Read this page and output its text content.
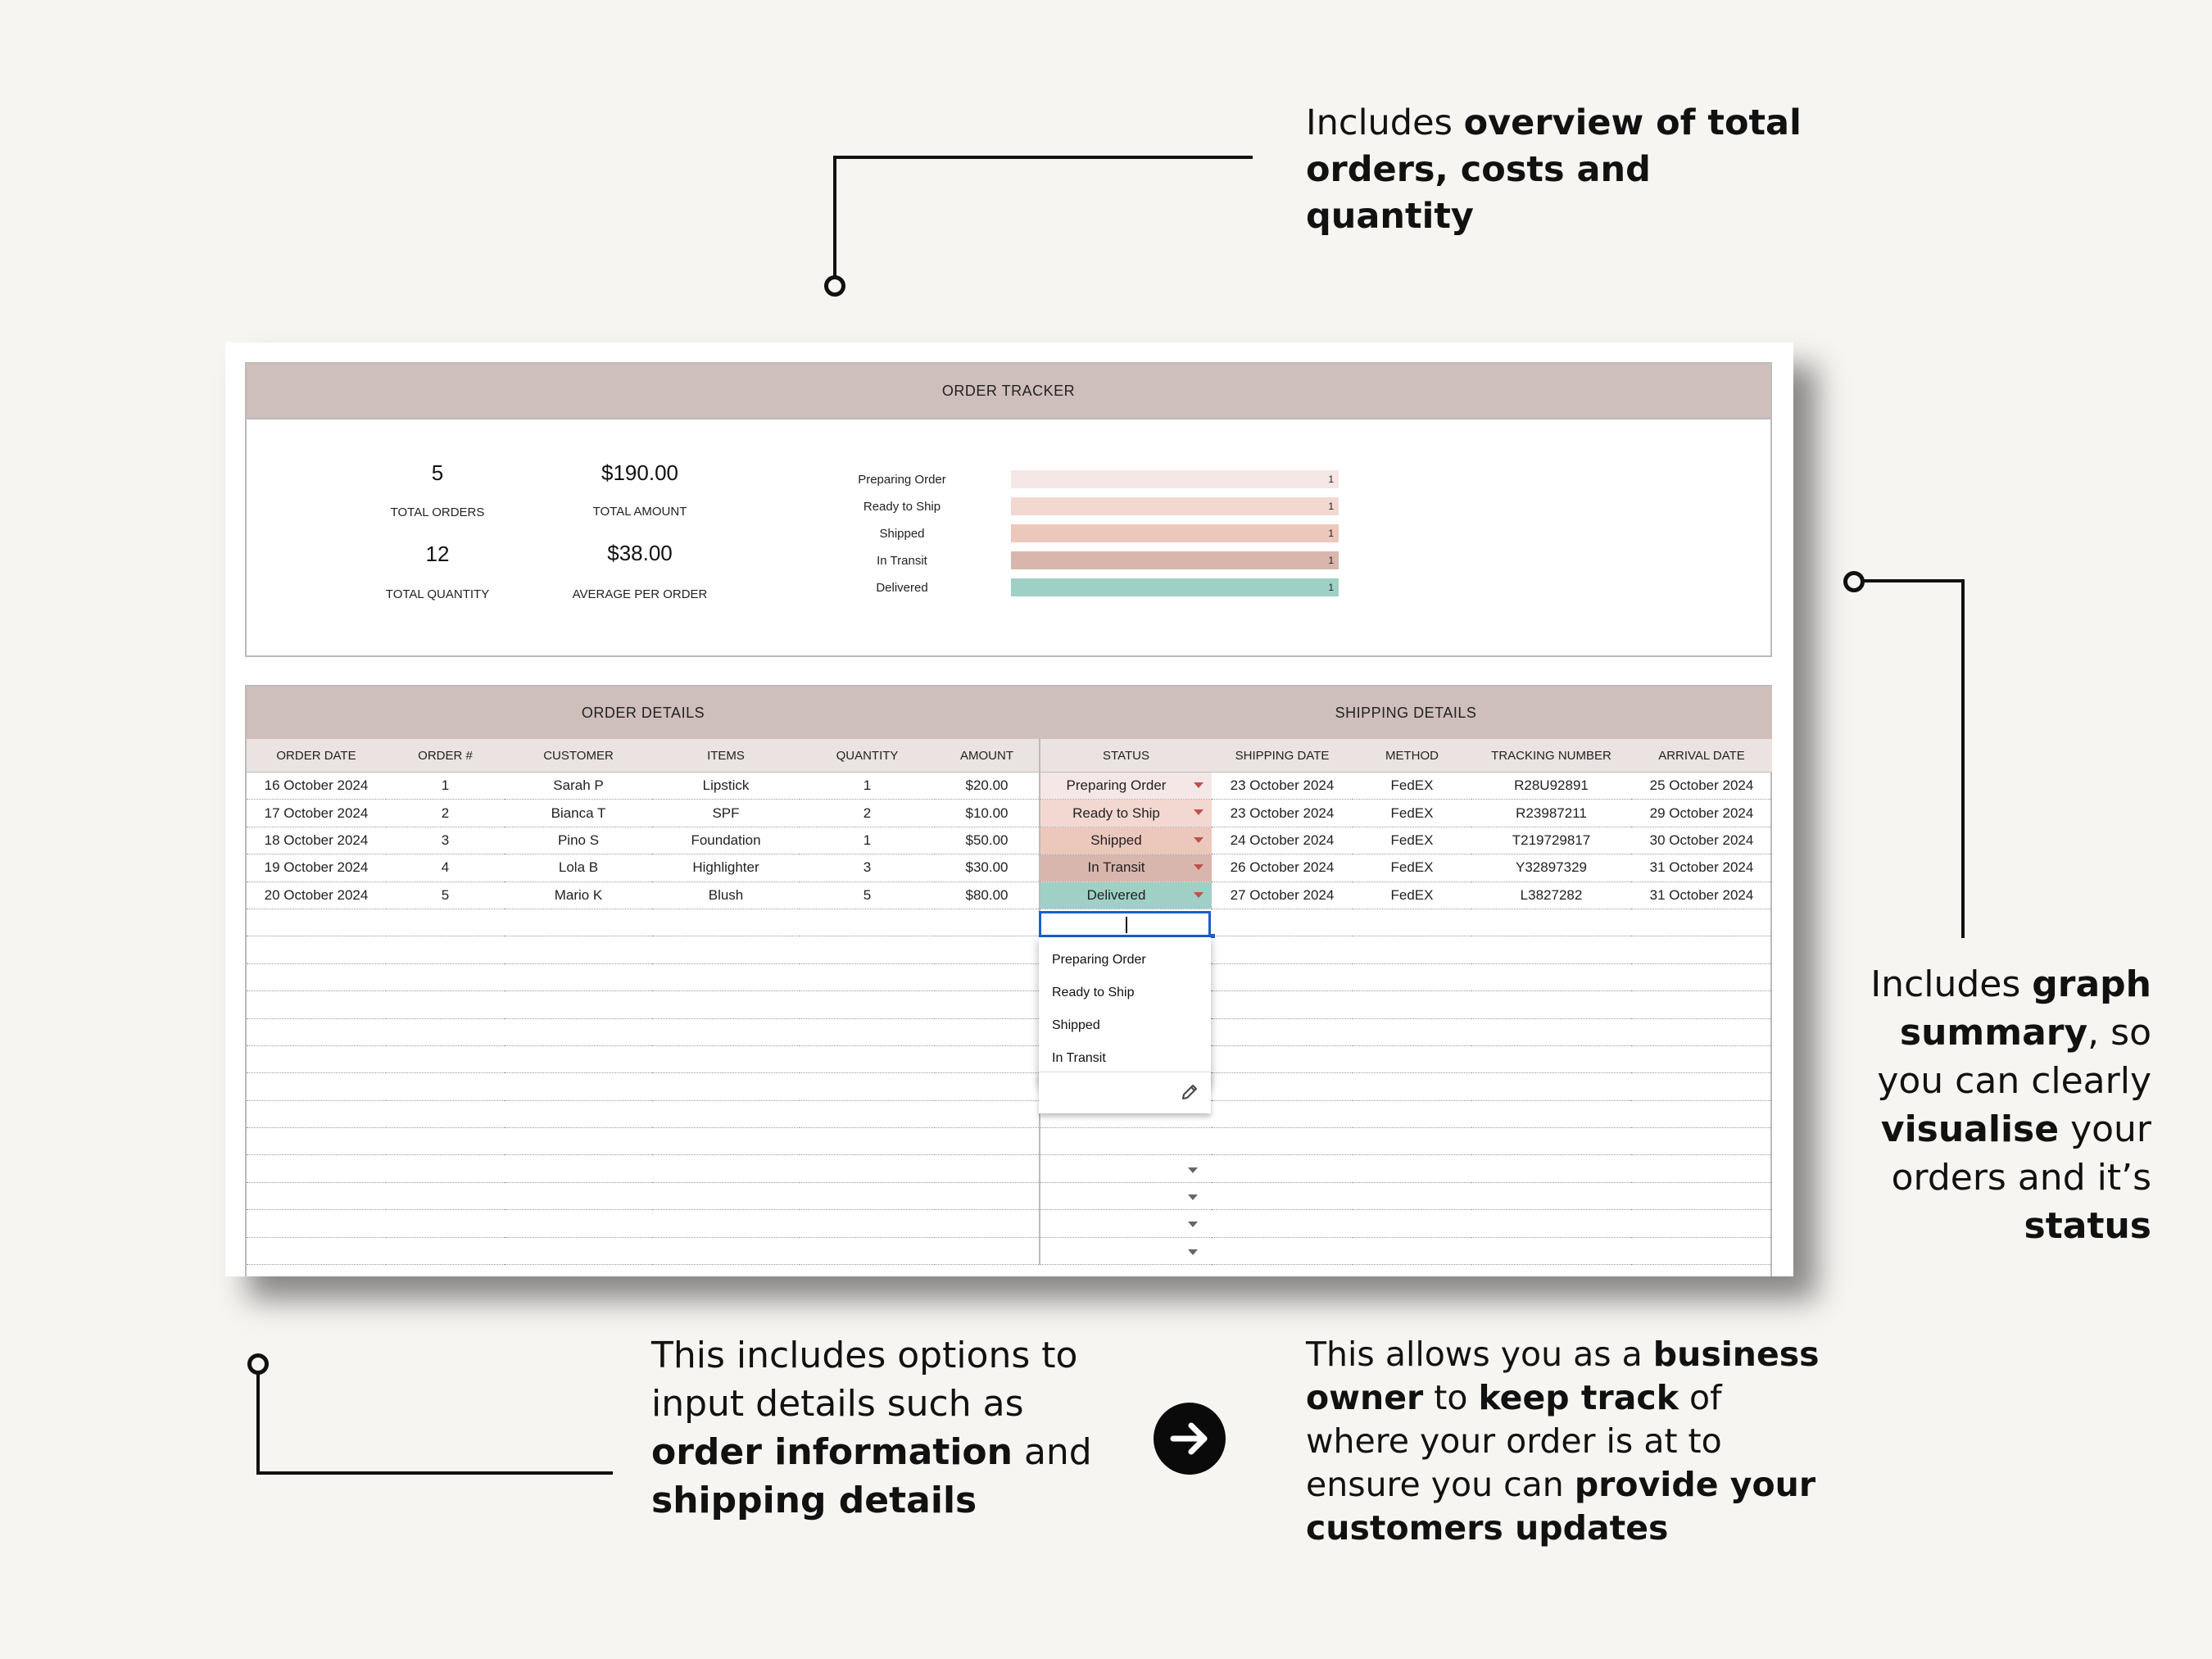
Includes overview of total orders, costs and quantity
Includes graph summary, so you can clearly visualise your orders and it’s status
This includes options to input details such as order information and shipping details
This allows you as a business owner to keep track of where your order is at to ensure you can provide your customers updates
ORDER TRACKER
5
TOTAL ORDERS
$190.00
TOTAL AMOUNT
12
TOTAL QUANTITY
$38.00
AVERAGE PER ORDER
Preparing Order	1
Ready to Ship	1
Shipped	1
In Transit	1
Delivered	1
ORDER DETAILS	SHIPPING DETAILS
ORDER DATE	ORDER #	CUSTOMER	ITEMS	QUANTITY	AMOUNT	STATUS	SHIPPING DATE	METHOD	TRACKING NUMBER	ARRIVAL DATE
16 October 2024	1	Sarah P	Lipstick	1	$20.00	Preparing Order	23 October 2024	FedEX	R28U92891	25 October 2024
17 October 2024	2	Bianca T	SPF	2	$10.00	Ready to Ship	23 October 2024	FedEX	R23987211	29 October 2024
18 October 2024	3	Pino S	Foundation	1	$50.00	Shipped	24 October 2024	FedEX	T219729817	30 October 2024
19 October 2024	4	Lola B	Highlighter	3	$30.00	In Transit	26 October 2024	FedEX	Y32897329	31 October 2024
20 October 2024	5	Mario K	Blush	5	$80.00	Delivered	27 October 2024	FedEX	L3827282	31 October 2024

Preparing Order
Ready to Ship
Shipped
In Transit
